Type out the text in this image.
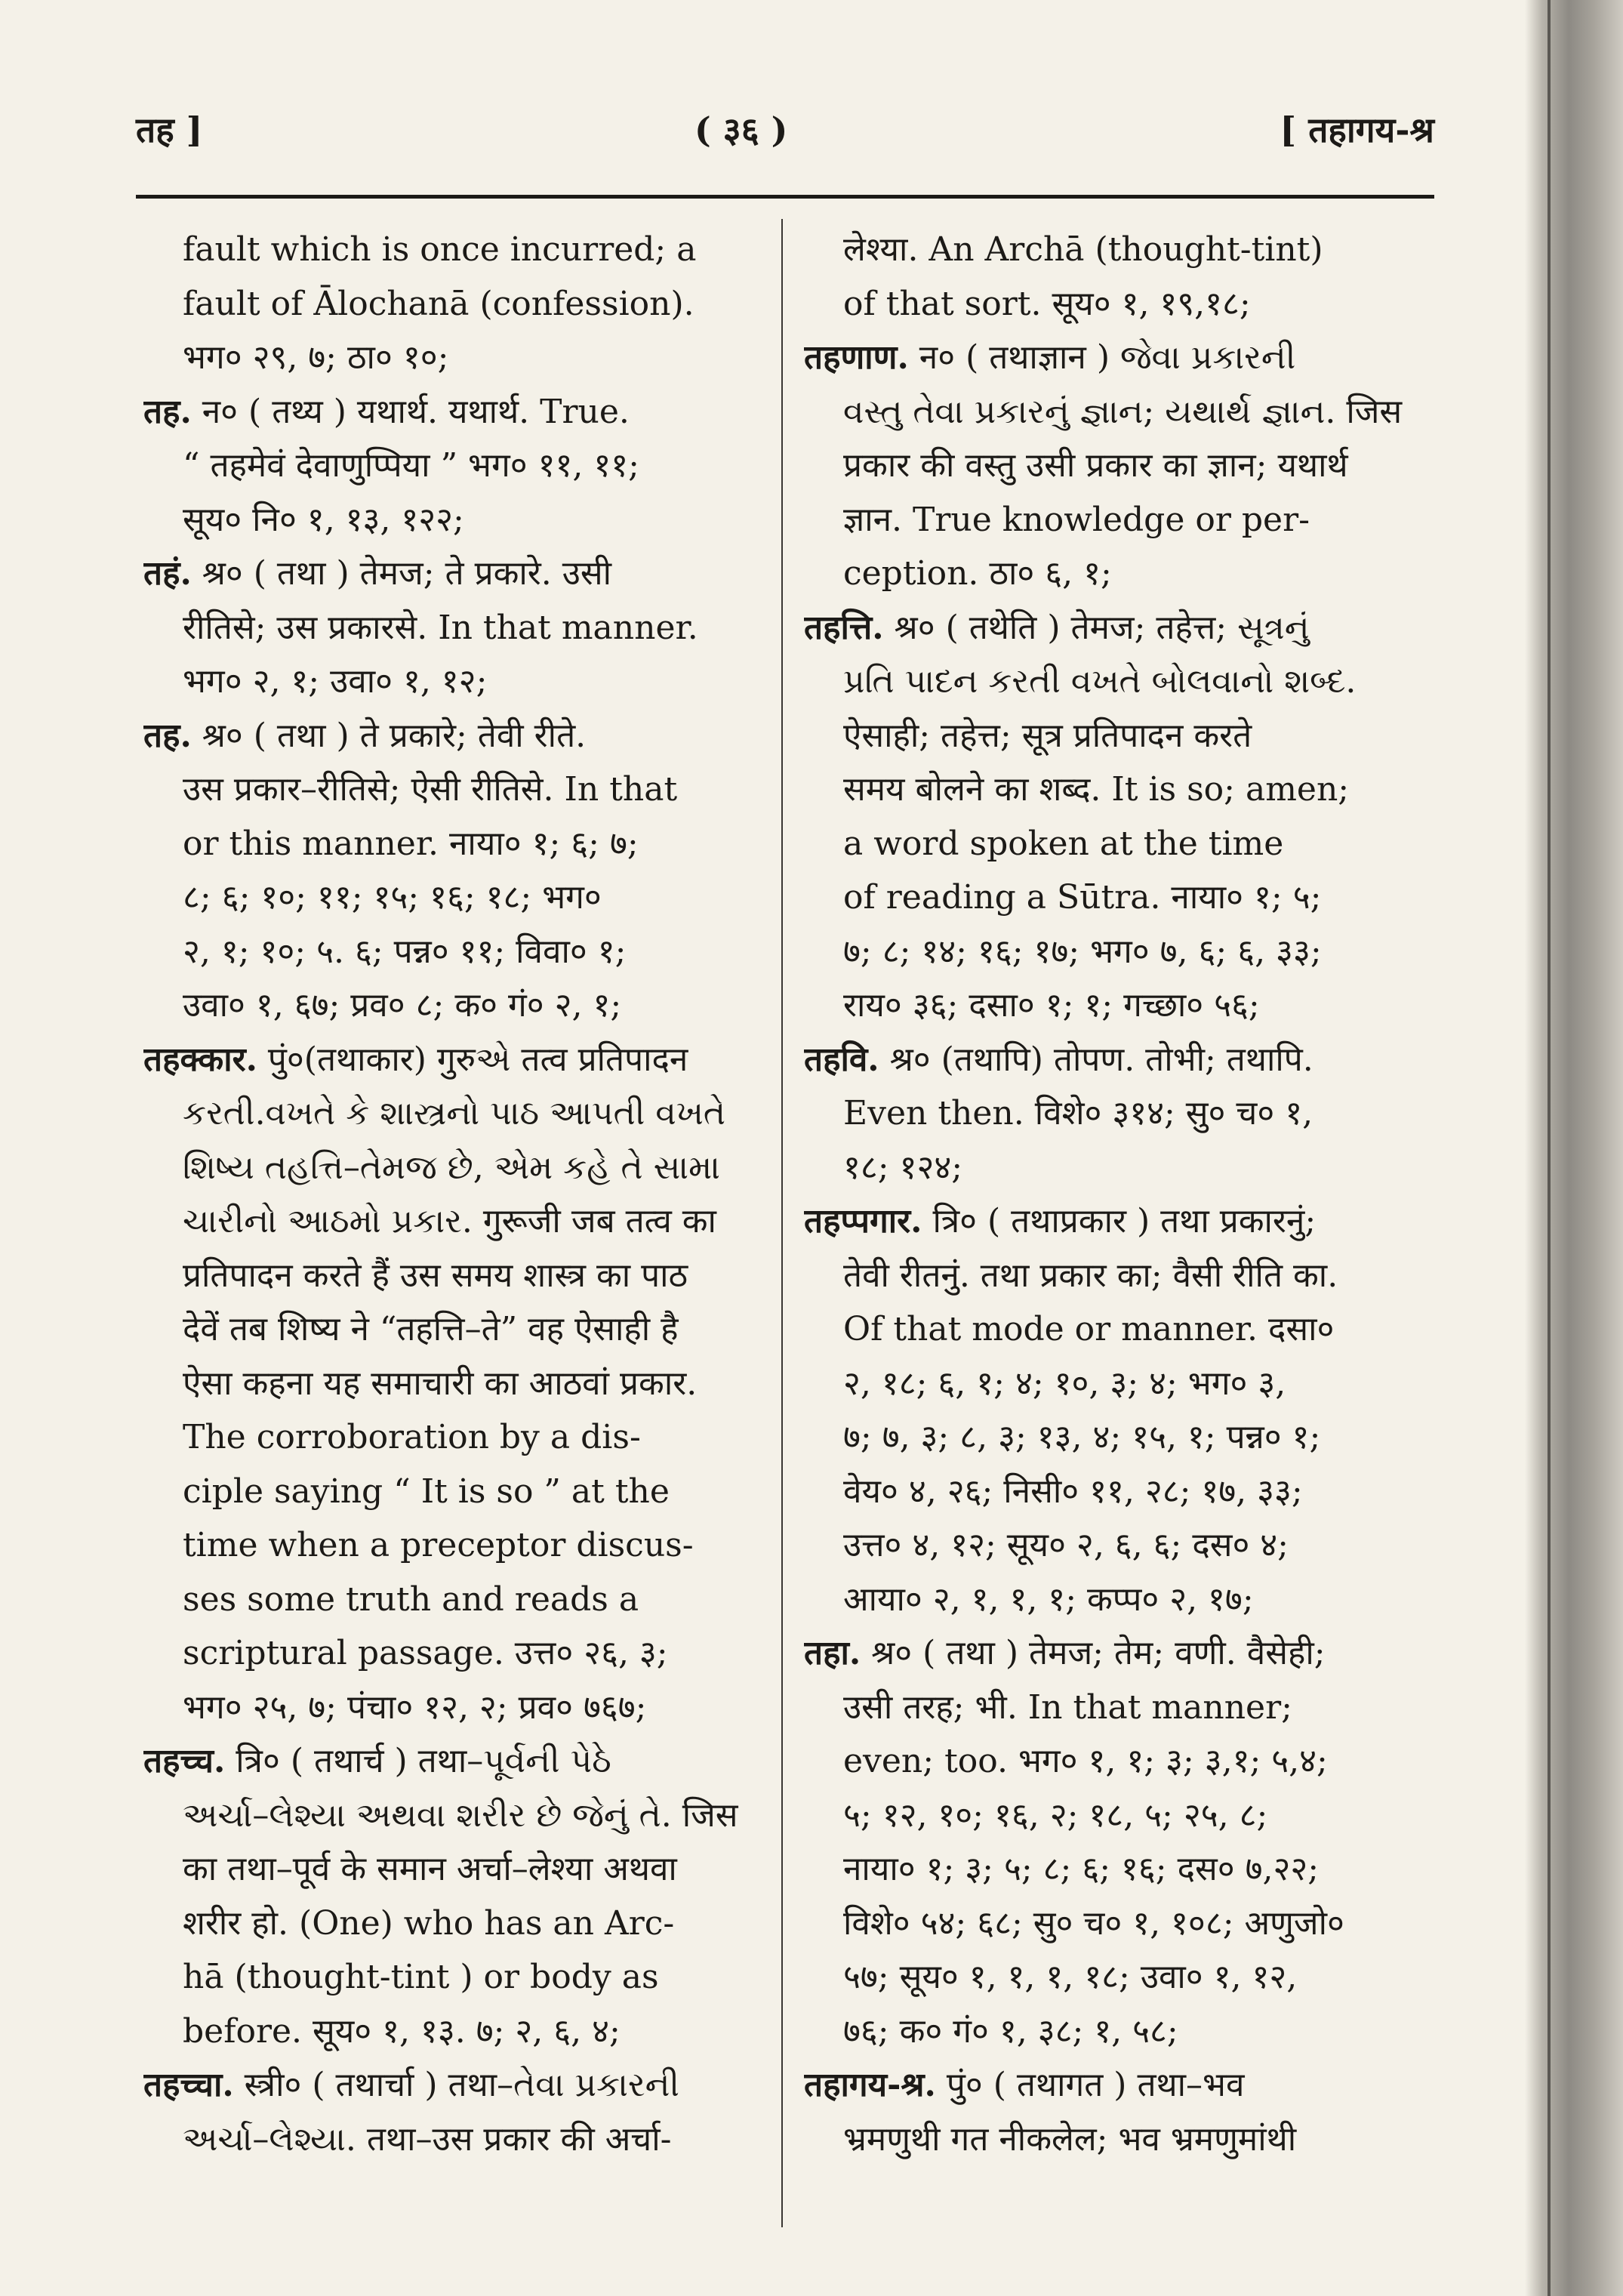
तह ]	( ३६ )	[ तहागय-श्र
fault which is once incurred; a
fault of Ālochanā (confession).
भग० २९, ७; ठा० १०;
तह. न० ( तथ्य ) यथार्थ. यथार्थ. True.
“ तहमेवं देवाणुप्पिया ” भग० ११, ११;
सूय० नि० १, १३, १२२;
तहं. श्र० ( तथा ) तेमज; ते प्रकारे. उसी
रीतिसे; उस प्रकारसे. In that manner.
भग० २, १; उवा० १, १२;
तह. श्र० ( तथा ) ते प्रकारे; तेवी रीते.
उस प्रकार–रीतिसे; ऐसी रीतिसे. In that
or this manner. नाया० १; ६; ७;
८; ६; १०; ११; १५; १६; १८; भग०
२, १; १०; ५. ६; पन्न० ११; विवा० १;
उवा० १, ६७; प्रव० ८; क० गं० २, १;
तहक्कार. पुं०(तथाकार) गुरुએ तत्व प्रतिपादन
કરતી.વખતે કે શાસ્ત્રનો પાઠ આપતી વખતે
શિષ્ય તહત્તિ–તેમજ છે, એમ કહે તે સામા
ચારીનો આઠમો પ્રકાર. गुरूजी जब तत्व का
प्रतिपादन करते हैं उस समय शास्त्र का पाठ
देवें तब शिष्य ने “तहत्ति–ते” वह ऐसाही है
ऐसा कहना यह समाचारी का आठवां प्रकार.
The corroboration by a dis-
ciple saying “ It is so ” at the
time when a preceptor discus-
ses some truth and reads a
scriptural passage. उत्त० २६, ३;
भग० २५, ७; पंचा० १२, २; प्रव० ७६७;
तहच्च. त्रि० ( तथार्च ) तथा–પૂર્વની પેઠે
અર્ચા–લેશ્યા અથવા શરીર છે જેનું તે. जिस
का तथा–पूर्व के समान अर्चा–लेश्या अथवा
शरीर हो. (One) who has an Arc-
hā (thought-tint ) or body as
before. सूय० १, १३. ७; २, ६, ४;
तहच्चा. स्त्री० ( तथार्चा ) तथा–તેવા પ્રકારની
અર્ચા–લેશ્યા. तथा–उस प्रकार की अर्चा-
लेश्या. An Archā (thought-tint)
of that sort. सूय० १, १९,१८;
तहणाण. न० ( तथाज्ञान ) જેવા પ્રકારની
વસ્તુ તેવા પ્રકારનું જ્ઞાન; યથાર્થ જ્ઞાન. जिस
प्रकार की वस्तु उसी प्रकार का ज्ञान; यथार्थ
ज्ञान. True knowledge or per-
ception. ठा० ६, १;
तहत्ति. श्र० ( तथेति ) तेमज; तहेत्त; સૂત્રનું
પ્રતિ પાદન કરતી વખતે બોલવાનો શબ્દ.
ऐसाही; तहेत्त; सूत्र प्रतिपादन करते
समय बोलने का शब्द. It is so; amen;
a word spoken at the time
of reading a Sūtra. नाया० १; ५;
७; ८; १४; १६; १७; भग० ७, ६; ६, ३३;
राय० ३६; दसा० १; १; गच्छा० ५६;
तहवि. श्र० (तथापि) तोपण. तोभी; तथापि.
Even then. विशे० ३१४; सु० च० १,
१८; १२४;
तहप्पगार. त्रि० ( तथाप्रकार ) तथा प्रकारनुं;
तेवी रीतनुं. तथा प्रकार का; वैसी रीति का.
Of that mode or manner. दसा०
२, १८; ६, १; ४; १०, ३; ४; भग० ३,
७; ७, ३; ८, ३; १३, ४; १५, १; पन्न० १;
वेय० ४, २६; निसी० ११, २८; १७, ३३;
उत्त० ४, १२; सूय० २, ६, ६; दस० ४;
आया० २, १, १, १; कप्प० २, १७;
तहा. श्र० ( तथा ) तेमज; तेम; वणी. वैसेही;
उसी तरह; भी. In that manner;
even; too. भग० १, १; ३; ३,१; ५,४;
५; १२, १०; १६, २; १८, ५; २५, ८;
नाया० १; ३; ५; ८; ६; १६; दस० ७,२२;
विशे० ५४; ६८; सु० च० १, १०८; अणुजो०
५७; सूय० १, १, १, १८; उवा० १, १२,
७६; क० गं० १, ३८; १, ५८;
तहागय-श्र. पुं० ( तथागत ) तथा–भव
भ्रमणुथी गत नीकलेल; भव भ्रमणुमांथी
